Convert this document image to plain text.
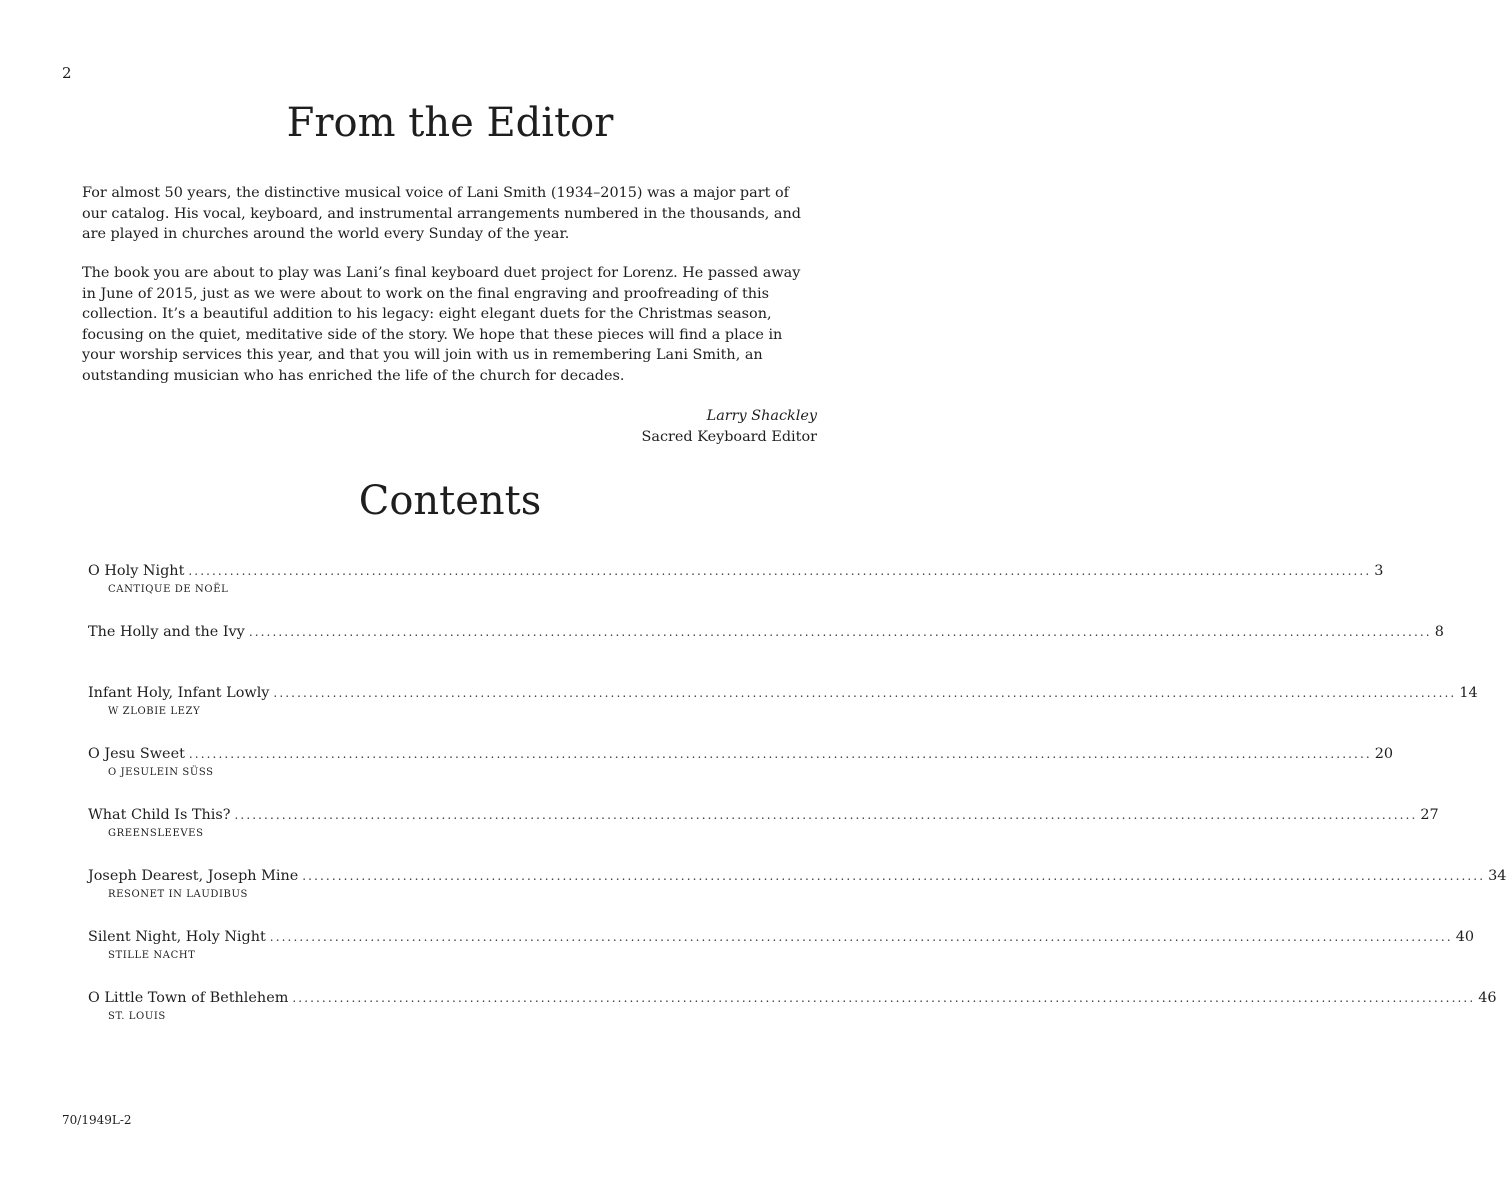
2
From the Editor

For almost 50 years, the distinctive musical voice of Lani Smith (1934–2015) was a major part of our catalog. His vocal, keyboard, and instrumental arrangements numbered in the thousands, and are played in churches around the world every Sunday of the year.

The book you are about to play was Lani’s final keyboard duet project for Lorenz. He passed away in June of 2015, just as we were about to work on the final engraving and proofreading of this collection. It’s a beautiful addition to his legacy: eight elegant duets for the Christmas season, focusing on the quiet, meditative side of the story. We hope that these pieces will find a place in your worship services this year, and that you will join with us in remembering Lani Smith, an outstanding musician who has enriched the life of the church for decades.

Larry Shackley
Sacred Keyboard Editor
Contents
O Holy Night ........................................................................................................................................................................................................ 3
CANTIQUE DE NOËL
The Holly and the Ivy ........................................................................................................................................................................................................ 8
Infant Holy, Infant Lowly ........................................................................................................................................................................................................ 14
W ZLOBIE LEZY
O Jesu Sweet ........................................................................................................................................................................................................ 20
O JESULEIN SÜSS
What Child Is This? ........................................................................................................................................................................................................ 27
GREENSLEEVES
Joseph Dearest, Joseph Mine ........................................................................................................................................................................................................ 34
RESONET IN LAUDIBUS
Silent Night, Holy Night ........................................................................................................................................................................................................ 40
STILLE NACHT
O Little Town of Bethlehem ........................................................................................................................................................................................................ 46
ST. LOUIS
70/1949L-2
